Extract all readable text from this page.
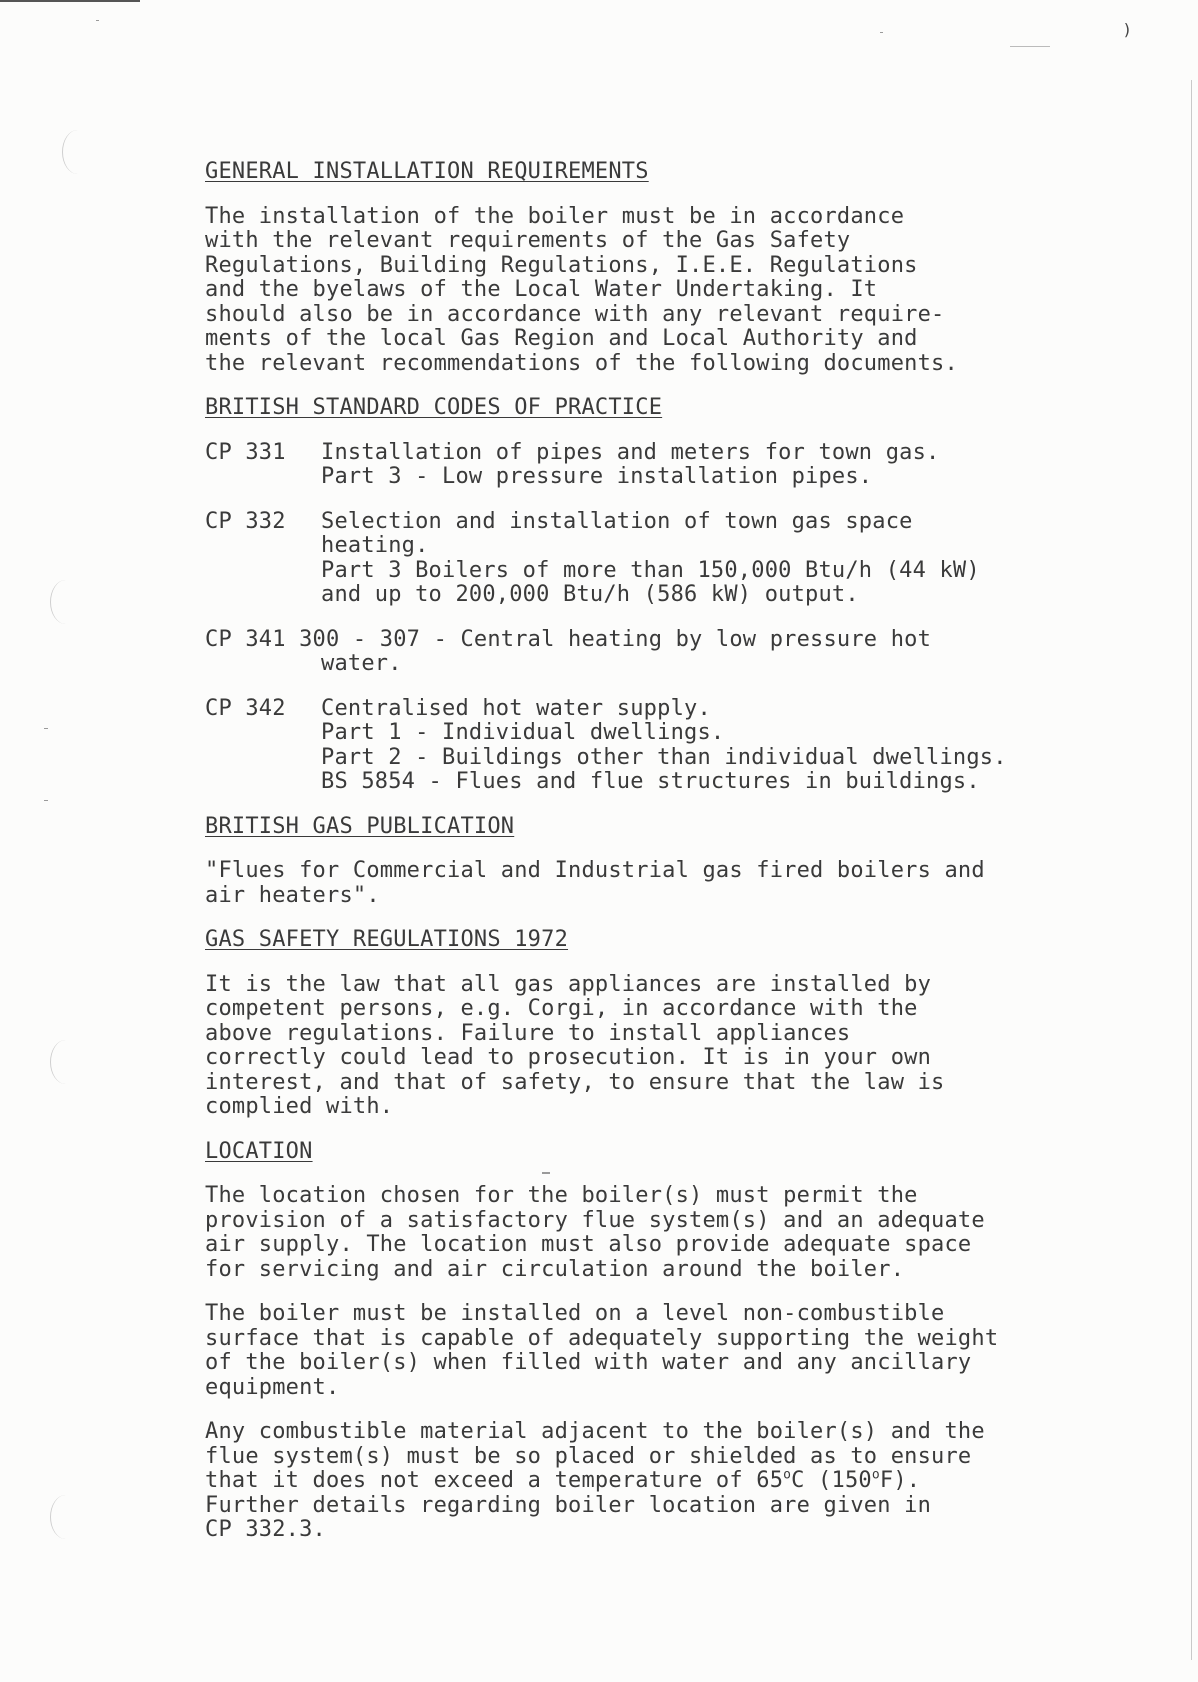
)
GENERAL INSTALLATION REQUIREMENTS
The installation of the boiler must be in accordance
with the relevant requirements of the Gas Safety
Regulations, Building Regulations, I.E.E. Regulations
and the byelaws of the Local Water Undertaking. It
should also be in accordance with any relevant require-
ments of the local Gas Region and Local Authority and
the relevant recommendations of the following documents.
BRITISH STANDARD CODES OF PRACTICE
CP 331	Installation of pipes and meters for town gas.
Part 3 - Low pressure installation pipes.
CP 332	Selection and installation of town gas space
heating.
Part 3 Boilers of more than 150,000 Btu/h (44 kW)
and up to 200,000 Btu/h (586 kW) output.
CP 341 300 - 307 - Central heating by low pressure hot
water.
CP 342	Centralised hot water supply.
Part 1 - Individual dwellings.
Part 2 - Buildings other than individual dwellings.
BS 5854 - Flues and flue structures in buildings.
BRITISH GAS PUBLICATION
"Flues for Commercial and Industrial gas fired boilers and
air heaters".
GAS SAFETY REGULATIONS 1972
It is the law that all gas appliances are installed by
competent persons, e.g. Corgi, in accordance with the
above regulations. Failure to install appliances
correctly could lead to prosecution. It is in your own
interest, and that of safety, to ensure that the law is
complied with.
LOCATION
The location chosen for the boiler(s) must permit the
provision of a satisfactory flue system(s) and an adequate
air supply. The location must also provide adequate space
for servicing and air circulation around the boiler.
The boiler must be installed on a level non-combustible
surface that is capable of adequately supporting the weight
of the boiler(s) when filled with water and any ancillary
equipment.
Any combustible material adjacent to the boiler(s) and the
flue system(s) must be so placed or shielded as to ensure
that it does not exceed a temperature of 65$^o$C (150$^o$F).
Further details regarding boiler location are given in
CP 332.3.
